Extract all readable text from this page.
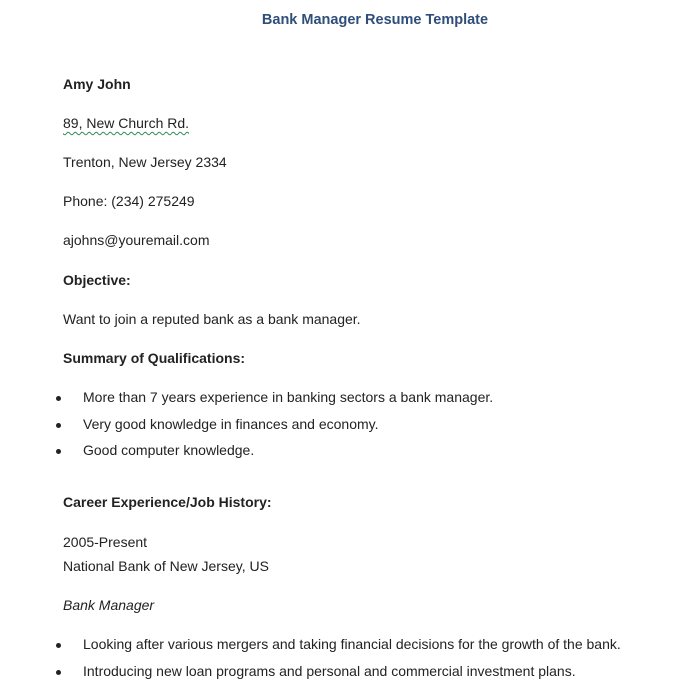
Bank Manager Resume Template
Amy John
89, New Church Rd.
Trenton, New Jersey 2334
Phone: (234) 275249
ajohns@youremail.com
Objective:
Want to join a reputed bank as a bank manager.
Summary of Qualifications:
More than 7 years experience in banking sectors a bank manager.
Very good knowledge in finances and economy.
Good computer knowledge.
Career Experience/Job History:
2005-Present
National Bank of New Jersey, US
Bank Manager
Looking after various mergers and taking financial decisions for the growth of the bank.
Introducing new loan programs and personal and commercial investment plans.
